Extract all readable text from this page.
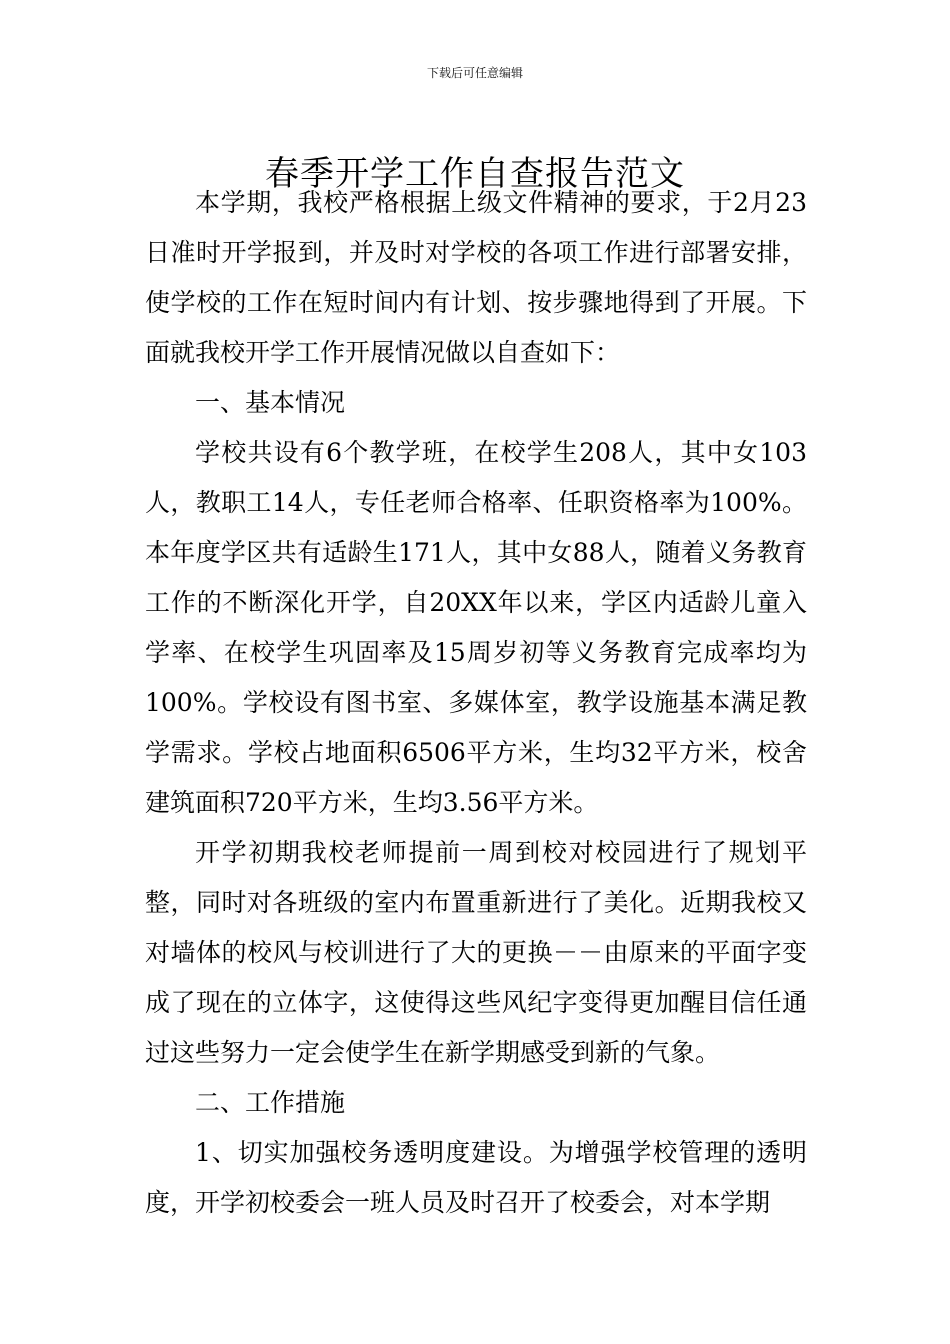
下载后可任意编辑
春季开学工作自查报告范文

本学期，我校严格根据上级文件精神的要求，于2月23日准时开学报到，并及时对学校的各项工作进行部署安排，使学校的工作在短时间内有计划、按步骤地得到了开展。下面就我校开学工作开展情况做以自查如下：

一、基本情况

学校共设有6个教学班，在校学生208人，其中女103人，教职工14人，专任老师合格率、任职资格率为100%。本年度学区共有适龄生171人，其中女88人，随着义务教育工作的不断深化开学，自20XX年以来，学区内适龄儿童入学率、在校学生巩固率及15周岁初等义务教育完成率均为100%。学校设有图书室、多媒体室，教学设施基本满足教学需求。学校占地面积6506平方米，生均32平方米，校舍建筑面积720平方米，生均3.56平方米。

开学初期我校老师提前一周到校对校园进行了规划平整，同时对各班级的室内布置重新进行了美化。近期我校又对墙体的校风与校训进行了大的更换－－由原来的平面字变成了现在的立体字，这使得这些风纪字变得更加醒目信任通过这些努力一定会使学生在新学期感受到新的气象。

二、工作措施

1、切实加强校务透明度建设。为增强学校管理的透明度，开学初校委会一班人员及时召开了校委会，对本学期
